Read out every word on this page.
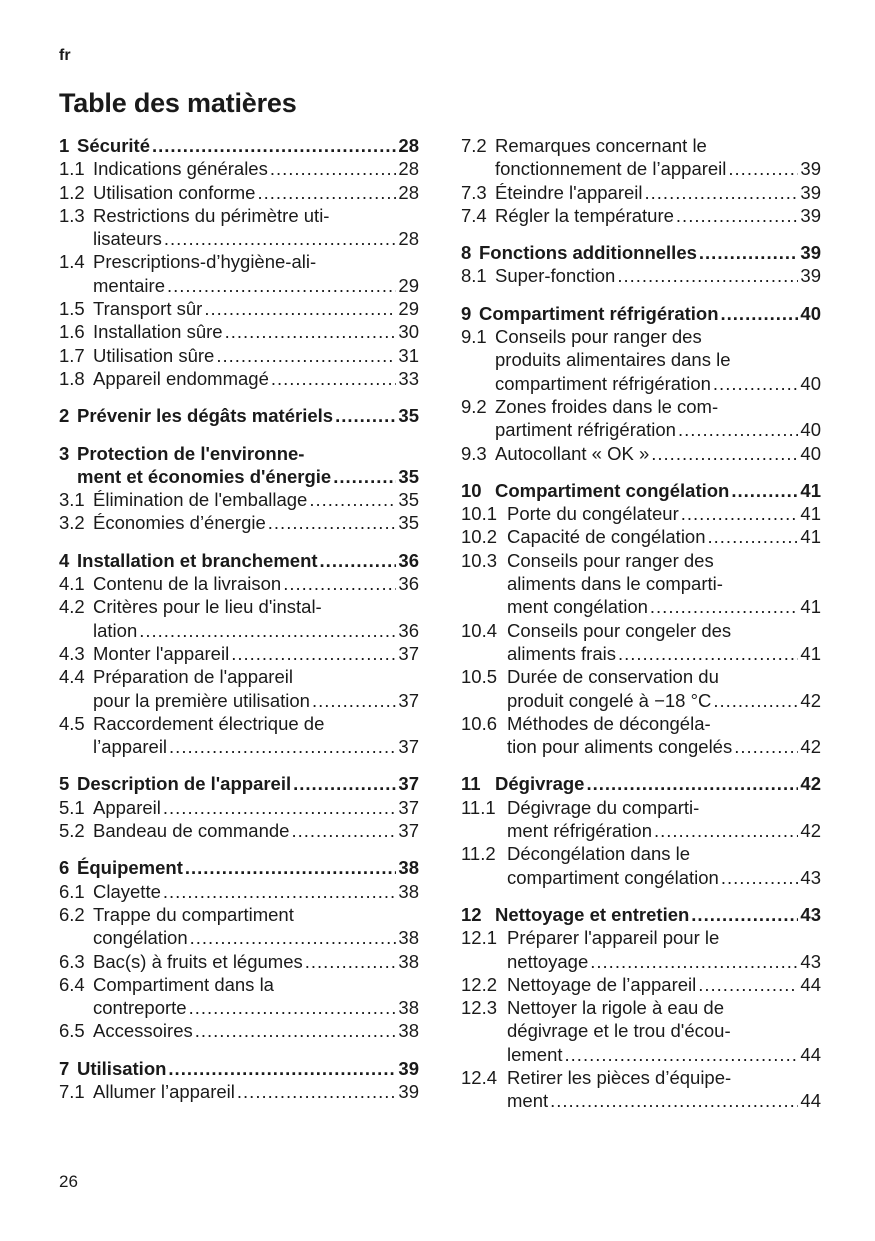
fr
Table des matières
1 Sécurité .....	28
1.1 Indications générales .....	28
1.2 Utilisation conforme .....	28
1.3 Restrictions du périmètre uti-
lisateurs .....	28
1.4 Prescriptions-d’hygiène-ali-
mentaire .....	29
1.5 Transport sûr .....	29
1.6 Installation sûre .....	30
1.7 Utilisation sûre .....	31
1.8 Appareil endommagé .....	33
2 Prévenir les dégâts matériels .....	35
3 Protection de l'environne-
ment et économies d'énergie .....	35
3.1 Élimination de l'emballage .....	35
3.2 Économies d’énergie .....	35
4 Installation et branchement .....	36
4.1 Contenu de la livraison .....	36
4.2 Critères pour le lieu d'instal-
lation .....	36
4.3 Monter l'appareil .....	37
4.4 Préparation de l'appareil
pour la première utilisation .....	37
4.5 Raccordement électrique de
l’appareil .....	37
5 Description de l'appareil .....	37
5.1 Appareil .....	37
5.2 Bandeau de commande .....	37
6 Équipement .....	38
6.1 Clayette .....	38
6.2 Trappe du compartiment
congélation .....	38
6.3 Bac(s) à fruits et légumes .....	38
6.4 Compartiment dans la
contreporte .....	38
6.5 Accessoires .....	38
7 Utilisation .....	39
7.1 Allumer l’appareil .....	39
7.2 Remarques concernant le
fonctionnement de l’appareil .....	39
7.3 Éteindre l'appareil .....	39
7.4 Régler la température .....	39
8 Fonctions additionnelles .....	39
8.1 Super-fonction .....	39
9 Compartiment réfrigération .....	40
9.1 Conseils pour ranger des
produits alimentaires dans le
compartiment réfrigération .....	40
9.2 Zones froides dans le com-
partiment réfrigération .....	40
9.3 Autocollant « OK » .....	40
10 Compartiment congélation .....	41
10.1 Porte du congélateur .....	41
10.2 Capacité de congélation .....	41
10.3 Conseils pour ranger des
aliments dans le comparti-
ment congélation .....	41
10.4 Conseils pour congeler des
aliments frais .....	41
10.5 Durée de conservation du
produit congelé à −18 °C .....	42
10.6 Méthodes de décongéla-
tion pour aliments congelés .....	42
11 Dégivrage .....	42
11.1 Dégivrage du comparti-
ment réfrigération .....	42
11.2 Décongélation dans le
compartiment congélation .....	43
12 Nettoyage et entretien .....	43
12.1 Préparer l'appareil pour le
nettoyage .....	43
12.2 Nettoyage de l’appareil .....	44
12.3 Nettoyer la rigole à eau de
dégivrage et le trou d'écou-
lement .....	44
12.4 Retirer les pièces d’équipe-
ment .....	44
26
